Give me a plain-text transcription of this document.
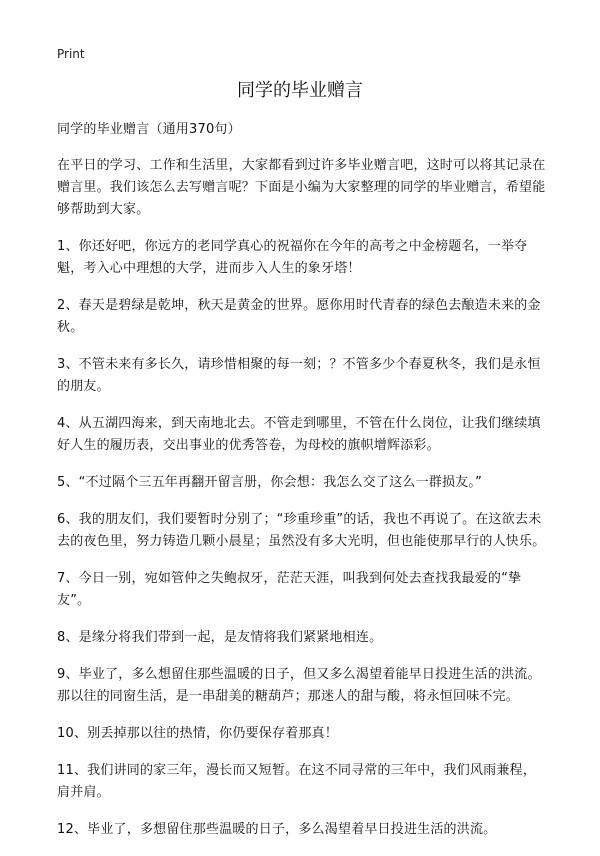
Print
同学的毕业赠言

同学的毕业赠言（通用370句）

在平日的学习、工作和生活里，大家都看到过许多毕业赠言吧，这时可以将其记录在赠言里。我们该怎么去写赠言呢？下面是小编为大家整理的同学的毕业赠言，希望能够帮助到大家。

1、你还好吧，你远方的老同学真心的祝福你在今年的高考之中金榜题名，一举夺魁，考入心中理想的大学，进而步入人生的象牙塔！

2、春天是碧绿是乾坤，秋天是黄金的世界。愿你用时代青春的绿色去酿造未来的金秋。

3、不管未来有多长久，请珍惜相聚的每一刻；？不管多少个春夏秋冬，我们是永恒的朋友。

4、从五湖四海来，到天南地北去。不管走到哪里，不管在什么岗位，让我们继续填好人生的履历表，交出事业的优秀答卷，为母校的旗帜增辉添彩。

5、“不过隔个三五年再翻开留言册，你会想：我怎么交了这么一群损友。”

6、我的朋友们，我们要暂时分别了；“珍重珍重”的话，我也不再说了。在这欲去未去的夜色里，努力铸造几颗小晨星；虽然没有多大光明，但也能使那早行的人快乐。

7、今日一别，宛如管仲之失鲍叔牙，茫茫天涯，叫我到何处去查找我最爱的“挚友”。

8、是缘分将我们带到一起，是友情将我们紧紧地相连。

9、毕业了，多么想留住那些温暖的日子，但又多么渴望着能早日投进生活的洪流。那以往的同窗生活，是一串甜美的糖葫芦；那迷人的甜与酸，将永恒回味不完。

10、别丢掉那以往的热情，你仍要保存着那真！

11、我们讲同的家三年，漫长而又短暂。在这不同寻常的三年中，我们风雨兼程，肩并肩。

12、毕业了，多想留住那些温暖的日子，多么渴望着早日投进生活的洪流。
